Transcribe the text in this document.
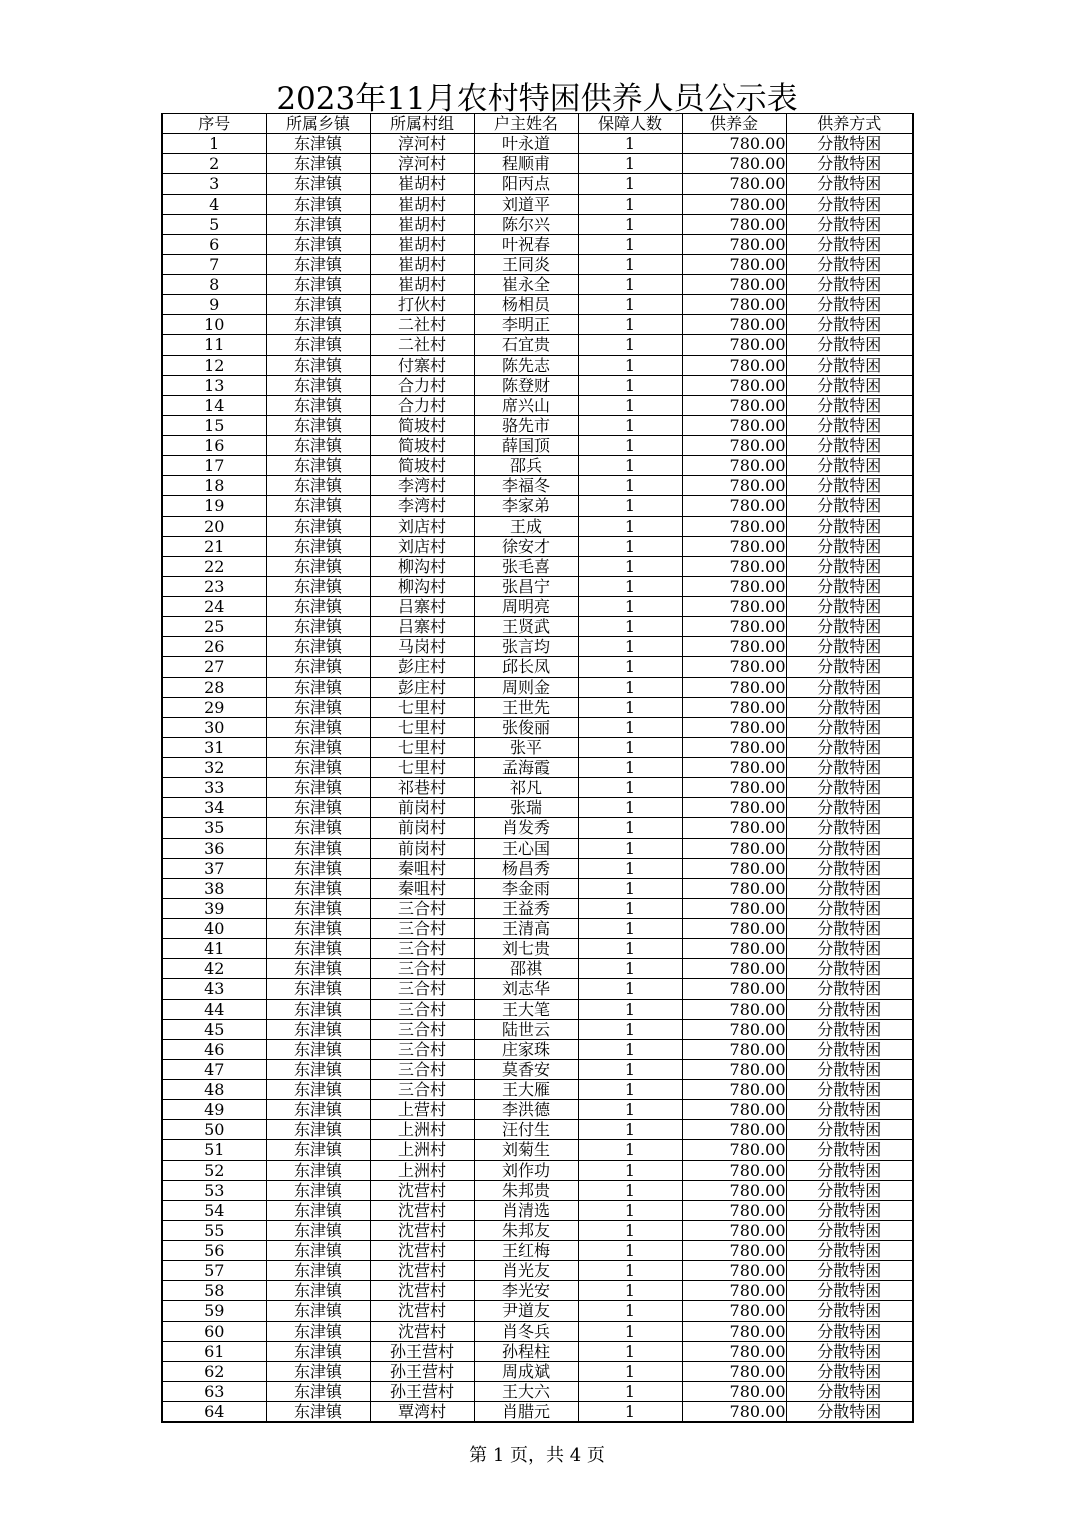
2023年11月农村特困供养人员公示表
序号	所属乡镇	所属村组	户主姓名	保障人数	供养金	供养方式
1	东津镇	淳河村	叶永道	1	780.00	分散特困
2	东津镇	淳河村	程顺甫	1	780.00	分散特困
3	东津镇	崔胡村	阳丙点	1	780.00	分散特困
4	东津镇	崔胡村	刘道平	1	780.00	分散特困
5	东津镇	崔胡村	陈尔兴	1	780.00	分散特困
6	东津镇	崔胡村	叶祝春	1	780.00	分散特困
7	东津镇	崔胡村	王同炎	1	780.00	分散特困
8	东津镇	崔胡村	崔永全	1	780.00	分散特困
9	东津镇	打伙村	杨相员	1	780.00	分散特困
10	东津镇	二社村	李明正	1	780.00	分散特困
11	东津镇	二社村	石宜贵	1	780.00	分散特困
12	东津镇	付寨村	陈先志	1	780.00	分散特困
13	东津镇	合力村	陈登财	1	780.00	分散特困
14	东津镇	合力村	席兴山	1	780.00	分散特困
15	东津镇	简坡村	骆先市	1	780.00	分散特困
16	东津镇	简坡村	薛国顶	1	780.00	分散特困
17	东津镇	简坡村	邵兵	1	780.00	分散特困
18	东津镇	李湾村	李福冬	1	780.00	分散特困
19	东津镇	李湾村	李家弟	1	780.00	分散特困
20	东津镇	刘店村	王成	1	780.00	分散特困
21	东津镇	刘店村	徐安才	1	780.00	分散特困
22	东津镇	柳沟村	张毛喜	1	780.00	分散特困
23	东津镇	柳沟村	张昌宁	1	780.00	分散特困
24	东津镇	吕寨村	周明亮	1	780.00	分散特困
25	东津镇	吕寨村	王贤武	1	780.00	分散特困
26	东津镇	马岗村	张言均	1	780.00	分散特困
27	东津镇	彭庄村	邱长凤	1	780.00	分散特困
28	东津镇	彭庄村	周则金	1	780.00	分散特困
29	东津镇	七里村	王世先	1	780.00	分散特困
30	东津镇	七里村	张俊丽	1	780.00	分散特困
31	东津镇	七里村	张平	1	780.00	分散特困
32	东津镇	七里村	孟海霞	1	780.00	分散特困
33	东津镇	祁巷村	祁凡	1	780.00	分散特困
34	东津镇	前岗村	张瑞	1	780.00	分散特困
35	东津镇	前岗村	肖发秀	1	780.00	分散特困
36	东津镇	前岗村	王心国	1	780.00	分散特困
37	东津镇	秦咀村	杨昌秀	1	780.00	分散特困
38	东津镇	秦咀村	李金雨	1	780.00	分散特困
39	东津镇	三合村	王益秀	1	780.00	分散特困
40	东津镇	三合村	王清高	1	780.00	分散特困
41	东津镇	三合村	刘七贵	1	780.00	分散特困
42	东津镇	三合村	邵祺	1	780.00	分散特困
43	东津镇	三合村	刘志华	1	780.00	分散特困
44	东津镇	三合村	王大笔	1	780.00	分散特困
45	东津镇	三合村	陆世云	1	780.00	分散特困
46	东津镇	三合村	庄家珠	1	780.00	分散特困
47	东津镇	三合村	莫香安	1	780.00	分散特困
48	东津镇	三合村	王大雁	1	780.00	分散特困
49	东津镇	上营村	李洪德	1	780.00	分散特困
50	东津镇	上洲村	汪付生	1	780.00	分散特困
51	东津镇	上洲村	刘菊生	1	780.00	分散特困
52	东津镇	上洲村	刘作功	1	780.00	分散特困
53	东津镇	沈营村	朱邦贵	1	780.00	分散特困
54	东津镇	沈营村	肖清选	1	780.00	分散特困
55	东津镇	沈营村	朱邦友	1	780.00	分散特困
56	东津镇	沈营村	王红梅	1	780.00	分散特困
57	东津镇	沈营村	肖光友	1	780.00	分散特困
58	东津镇	沈营村	李光安	1	780.00	分散特困
59	东津镇	沈营村	尹道友	1	780.00	分散特困
60	东津镇	沈营村	肖冬兵	1	780.00	分散特困
61	东津镇	孙王营村	孙程柱	1	780.00	分散特困
62	东津镇	孙王营村	周成斌	1	780.00	分散特困
63	东津镇	孙王营村	王大六	1	780.00	分散特困
64	东津镇	覃湾村	肖腊元	1	780.00	分散特困
第 1 页，共 4 页
